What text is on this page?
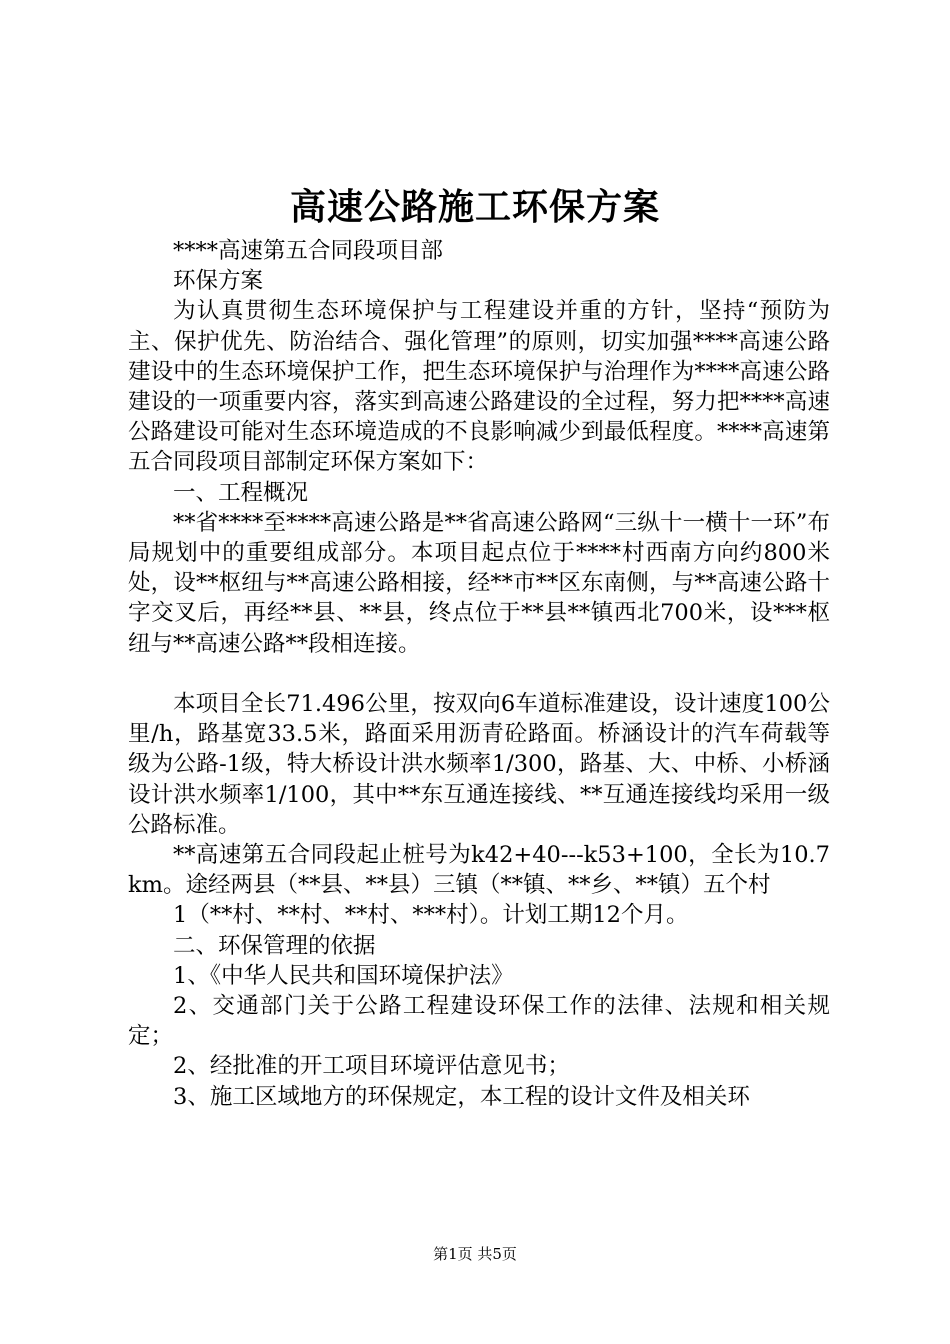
高速公路施工环保方案

****高速第五合同段项目部

环保方案

为认真贯彻生态环境保护与工程建设并重的方针，坚持“预防为主、保护优先、防治结合、强化管理”的原则，切实加强****高速公路建设中的生态环境保护工作，把生态环境保护与治理作为****高速公路建设的一项重要内容，落实到高速公路建设的全过程，努力把****高速公路建设可能对生态环境造成的不良影响减少到最低程度。****高速第五合同段项目部制定环保方案如下：

一、工程概况

**省****至****高速公路是**省高速公路网“三纵十一横十一环”布局规划中的重要组成部分。本项目起点位于****村西南方向约800米处，设**枢纽与**高速公路相接，经**市**区东南侧，与**高速公路十字交叉后，再经**县、**县，终点位于**县**镇西北700米，设***枢纽与**高速公路**段相连接。

本项目全长71.496公里，按双向6车道标准建设，设计速度100公里/h，路基宽33.5米，路面采用沥青砼路面。桥涵设计的汽车荷载等级为公路-1级，特大桥设计洪水频率1/300，路基、大、中桥、小桥涵设计洪水频率1/100，其中**东互通连接线、**互通连接线均采用一级公路标准。

**高速第五合同段起止桩号为k42+40---k53+100，全长为10.7km。途经两县（**县、**县）三镇（**镇、**乡、**镇）五个村

1（**村、**村、**村、***村）。计划工期12个月。

二、环保管理的依据

1、《中华人民共和国环境保护法》

2、交通部门关于公路工程建设环保工作的法律、法规和相关规定；

2、经批准的开工项目环境评估意见书；

3、施工区域地方的环保规定，本工程的设计文件及相关环

第1页 共5页
